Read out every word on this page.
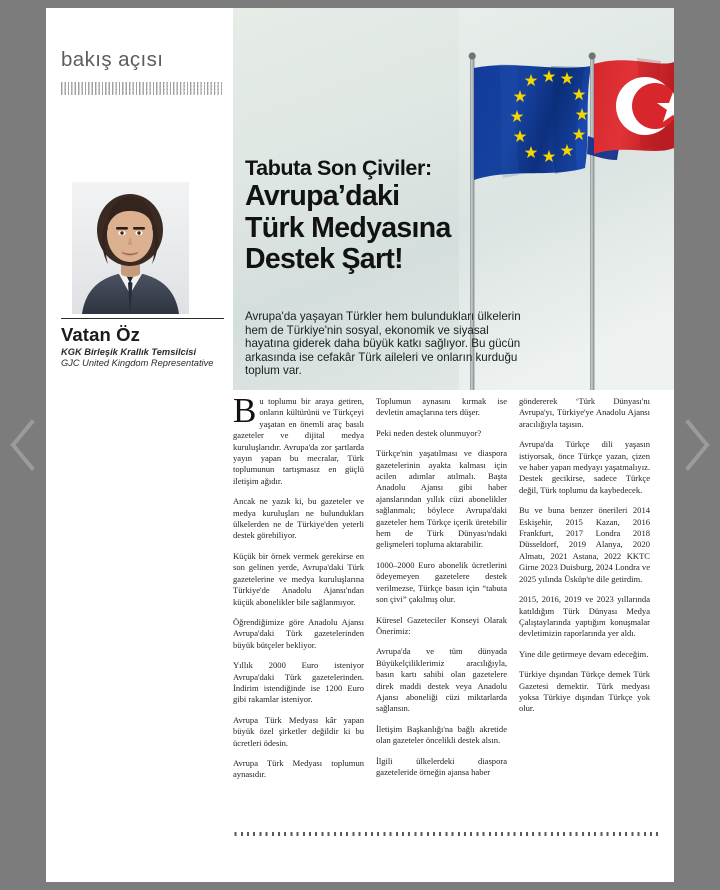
bakış açısı
Vatan Öz
KGK Birleşik Krallık Temsilcisi
GJC United Kingdom Representative
Tabuta Son Çiviler:
Avrupa’daki
Türk Medyasına
Destek Şart!
Avrupa'da yaşayan Türkler hem bulundukları ülkelerin hem de Türkiye'nin sosyal, ekonomik ve siyasal hayatına giderek daha büyük katkı sağlıyor. Bu gücün arkasında ise cefakâr Türk aileleri ve onların kurduğu toplum var.

Bu toplumu bir araya getiren, onların kültürünü ve Türkçeyi yaşatan en önemli araç basılı gazeteler ve dijital medya kuruluşlarıdır. Avrupa'da zor şartlarda yayın yapan bu mecralar, Türk toplumunun tartışmasız en güçlü iletişim ağıdır.

Ancak ne yazık ki, bu gazeteler ve medya kuruluşları ne bulundukları ülkelerden ne de Türkiye'den yeterli destek görebiliyor.

Küçük bir örnek vermek gerekirse en son gelinen yerde, Avrupa'daki Türk gazetelerine ve medya kuruluşlarına Türkiye'de Anadolu Ajansı'ndan küçük abonelikler bile sağlanmıyor.

Öğrendiğimize göre Anadolu Ajansı Avrupa'daki Türk gazetelerinden büyük bütçeler bekliyor.

Yıllık 2000 Euro isteniyor Avrupa'daki Türk gazetelerinden. İndirim istendiğinde ise 1200 Euro gibi rakamlar isteniyor.

Avrupa Türk Medyası kâr yapan büyük özel şirketler değildir ki bu ücretleri ödesin.

Avrupa Türk Medyası toplumun aynasıdır.

Toplumun aynasını kırmak ise devletin amaçlarına ters düşer.

Peki neden destek olunmuyor?

Türkçe'nin yaşatılması ve diaspora gazetelerinin ayakta kalması için acilen adımlar atılmalı. Başta Anadolu Ajansı gibi haber ajanslarından yıllık cüzi abonelikler sağlanmalı; böylece Avrupa'daki gazeteler hem Türkçe içerik üretebilir hem de Türk Dünyası'ndaki gelişmeleri topluma aktarabilir.

1000–2000 Euro abonelik ücretlerini ödeyemeyen gazetelere destek verilmezse, Türkçe basın için “tabuta son çivi” çakılmış olur.

Küresel Gazeteciler Konseyi Olarak Önerimiz:

Avrupa'da ve tüm dünyada Büyükelçiliklerimiz aracılığıyla, basın kartı sahibi olan gazetelere direk maddi destek veya Anadolu Ajansı aboneliği cüzi miktarlarda sağlansın.

İletişim Başkanlığı'na bağlı akretide olan gazeteler öncelikli destek alsın.

İlgili ülkelerdeki diaspora gazeteleride örneğin ajansa haber

göndererek ‘Türk Dünyası'nı Avrupa'yı, Türkiye'ye Anadolu Ajansı aracılığıyla taşısın.

Avrupa'da Türkçe dili yaşasın istiyorsak, önce Türkçe yazan, çizen ve haber yapan medyayı yaşatmalıyız. Destek gecikirse, sadece Türkçe değil, Türk toplumu da kaybedecek.

Bu ve buna benzer önerileri 2014 Eskişehir, 2015 Kazan, 2016 Frankfurt, 2017 Londra 2018 Düsseldorf, 2019 Alanya, 2020 Almatı, 2021 Astana, 2022 KKTC Girne 2023 Duisburg, 2024 Londra ve 2025 yılında Üsküp'te dile getirdim.

2015, 2016, 2019 ve 2023 yıllarında katıldığım Türk Dünyası Medya Çalıştaylarında yaptığım konuşmalar devletimizin raporlarında yer aldı.

Yine dile getirmeye devam edeceğim.

Türkiye dışından Türkçe demek Türk Gazetesi demektir. Türk medyası yoksa Türkiye dışından Türkçe yok olur.
